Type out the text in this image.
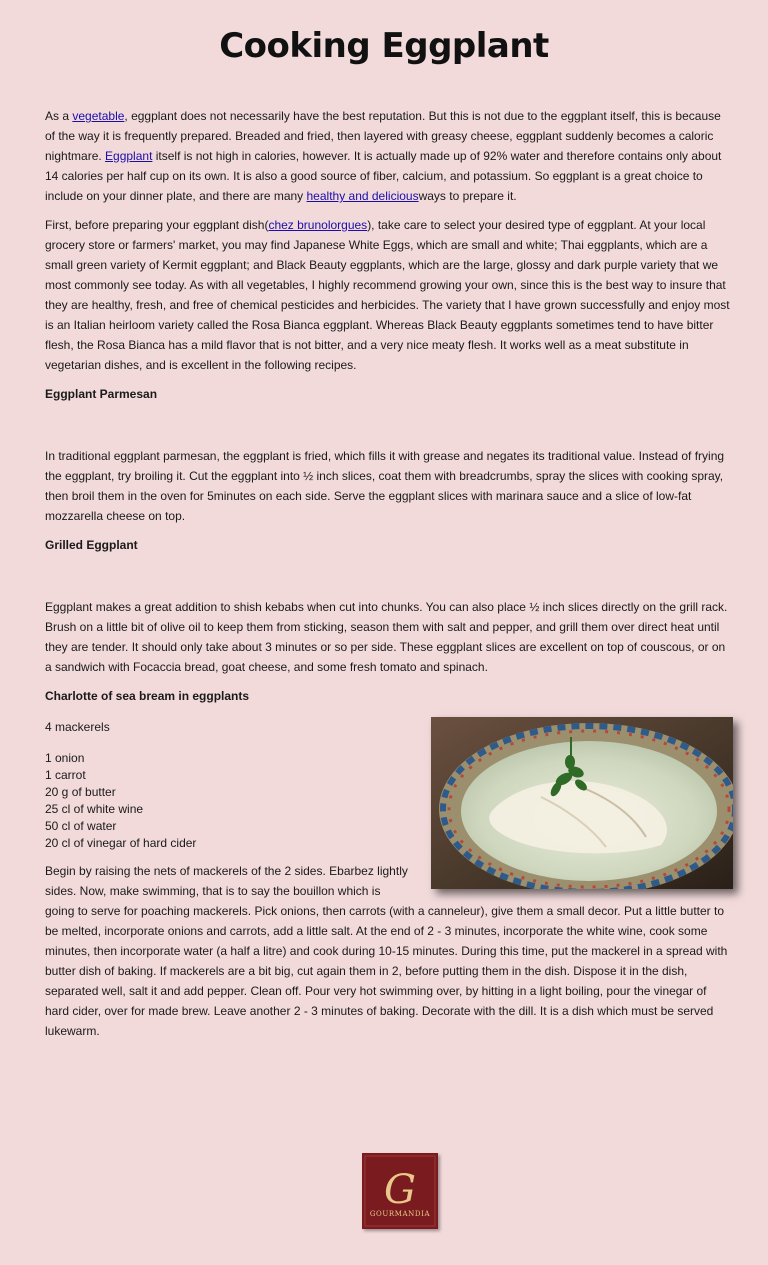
Cooking Eggplant

As a vegetable, eggplant does not necessarily have the best reputation. But this is not due to the eggplant itself, this is because of the way it is frequently prepared. Breaded and fried, then layered with greasy cheese, eggplant suddenly becomes a caloric nightmare. Eggplant itself is not high in calories, however. It is actually made up of 92% water and therefore contains only about 14 calories per half cup on its own. It is also a good source of fiber, calcium, and potassium. So eggplant is a great choice to include on your dinner plate, and there are many healthy and deliciousways to prepare it.

First, before preparing your eggplant dish(chez brunolorgues), take care to select your desired type of eggplant. At your local grocery store or farmers' market, you may find Japanese White Eggs, which are small and white; Thai eggplants, which are a small green variety of Kermit eggplant; and Black Beauty eggplants, which are the large, glossy and dark purple variety that we most commonly see today. As with all vegetables, I highly recommend growing your own, since this is the best way to insure that they are healthy, fresh, and free of chemical pesticides and herbicides. The variety that I have grown successfully and enjoy most is an Italian heirloom variety called the Rosa Bianca eggplant. Whereas Black Beauty eggplants sometimes tend to have bitter flesh, the Rosa Bianca has a mild flavor that is not bitter, and a very nice meaty flesh. It works well as a meat substitute in vegetarian dishes, and is excellent in the following recipes.

Eggplant Parmesan

In traditional eggplant parmesan, the eggplant is fried, which fills it with grease and negates its traditional value. Instead of frying the eggplant, try broiling it. Cut the eggplant into ½ inch slices, coat them with breadcrumbs, spray the slices with cooking spray, then broil them in the oven for 5minutes on each side. Serve the eggplant slices with marinara sauce and a slice of low-fat mozzarella cheese on top.

Grilled Eggplant

Eggplant makes a great addition to shish kebabs when cut into chunks. You can also place ½ inch slices directly on the grill rack. Brush on a little bit of olive oil to keep them from sticking, season them with salt and pepper, and grill them over direct heat until they are tender. It should only take about 3 minutes or so per side. These eggplant slices are excellent on top of couscous, or on a sandwich with Focaccia bread, goat cheese, and some fresh tomato and spinach.

Charlotte of sea bream in eggplants

4 mackerels

1 onion
1 carrot
20 g of butter
25 cl of white wine
50 cl of water
20 cl of vinegar of hard cider

Begin by raising the nets of mackerels of the 2 sides. Ebarbez lightly sides. Now, make swimming, that is to say the bouillon which is going to serve for poaching mackerels. Pick onions, then carrots (with a canneleur), give them a small decor. Put a little butter to be melted, incorporate onions and carrots, add a little salt. At the end of 2 - 3 minutes, incorporate the white wine, cook some minutes, then incorporate water (a half a litre) and cook during 10-15 minutes. During this time, put the mackerel in a spread with butter dish of baking. If mackerels are a bit big, cut again them in 2, before putting them in the dish. Dispose it in the dish, separated well, salt it and add pepper. Clean off. Pour very hot swimming over, by hitting in a light boiling, pour the vinegar of hard cider, over for made brew. Leave another 2 - 3 minutes of baking. Decorate with the dill. It is a dish which must be served lukewarm.

G
GOURMANDIA
